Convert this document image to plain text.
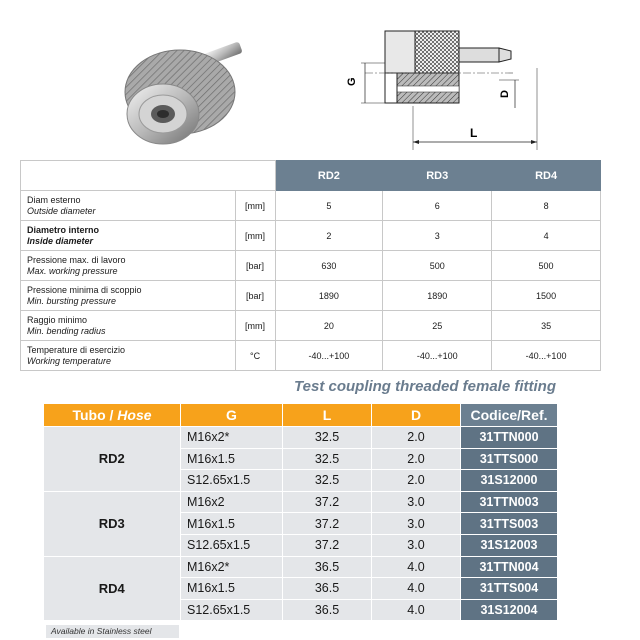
G
D
L
		RD2	RD3	RD4
Diam esterno
Outside diameter	[mm]	5	6	8
Diametro interno
Inside diameter	[mm]	2	3	4
Pressione max. di lavoro
Max. working pressure	[bar]	630	500	500
Pressione minima di scoppio
Min. bursting pressure	[bar]	1890	1890	1500
Raggio minimo
Min. bending radius	[mm]	20	25	35
Temperature di esercizio
Working temperature	°C	-40...+100	-40...+100	-40...+100
Test coupling threaded female fitting
Tubo / Hose	G	L	D	Codice/Ref.
RD2	M16x2*	32.5	2.0	31TTN000
	M16x1.5	32.5	2.0	31TTS000
	S12.65x1.5	32.5	2.0	31S12000
RD3	M16x2	37.2	3.0	31TTN003
	M16x1.5	37.2	3.0	31TTS003
	S12.65x1.5	37.2	3.0	31S12003
RD4	M16x2*	36.5	4.0	31TTN004
	M16x1.5	36.5	4.0	31TTS004
	S12.65x1.5	36.5	4.0	31S12004
Available in Stainless steel
